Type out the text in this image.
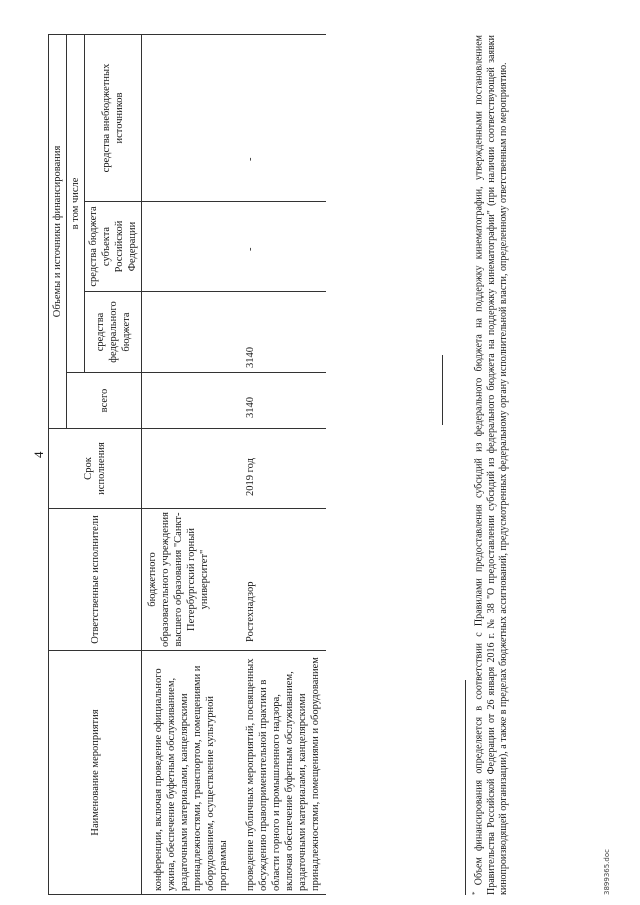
4
Наименование мероприятия	Ответственные исполнители	Срок исполнения	Объемы и источники финансирования			
			всего	в том числе		
				средства федерального бюджета	средства бюджета субъекта Российской Федерации	средства внебюджетных источников
конференции, включая проведение официального ужина, обеспечение буфетным обслуживанием, раздаточными материалами, канцелярскими принадлежностями, транспортом, помещениями и оборудованием, осуществление культурной программы	бюджетного образовательного учреждения высшего образования "Санкт-Петербургский горный университет"					
проведение публичных мероприятий, посвященных обсуждению правоприменительной практики в области горного и промышленного надзора, включая обеспечение буфетным обслуживанием, раздаточными материалами, канцелярскими принадлежностями, помещениями и оборудованием	Ростехнадзор	2019 год	3140	3140	-	-
* Объем финансирования определяется в соответствии с Правилами предоставления субсидий из федерального бюджета на поддержку кинематографии, утвержденными постановлением Правительства Российской Федерации от 26 января 2016 г. № 38 "О предоставлении субсидий из федерального бюджета на поддержку кинематографии" (при наличии соответствующей заявки кинопроизводящей организации), а также в пределах бюджетных ассигнований, предусмотренных федеральному органу исполнительной власти, определенному ответственным по мероприятию.	3899365.doc
